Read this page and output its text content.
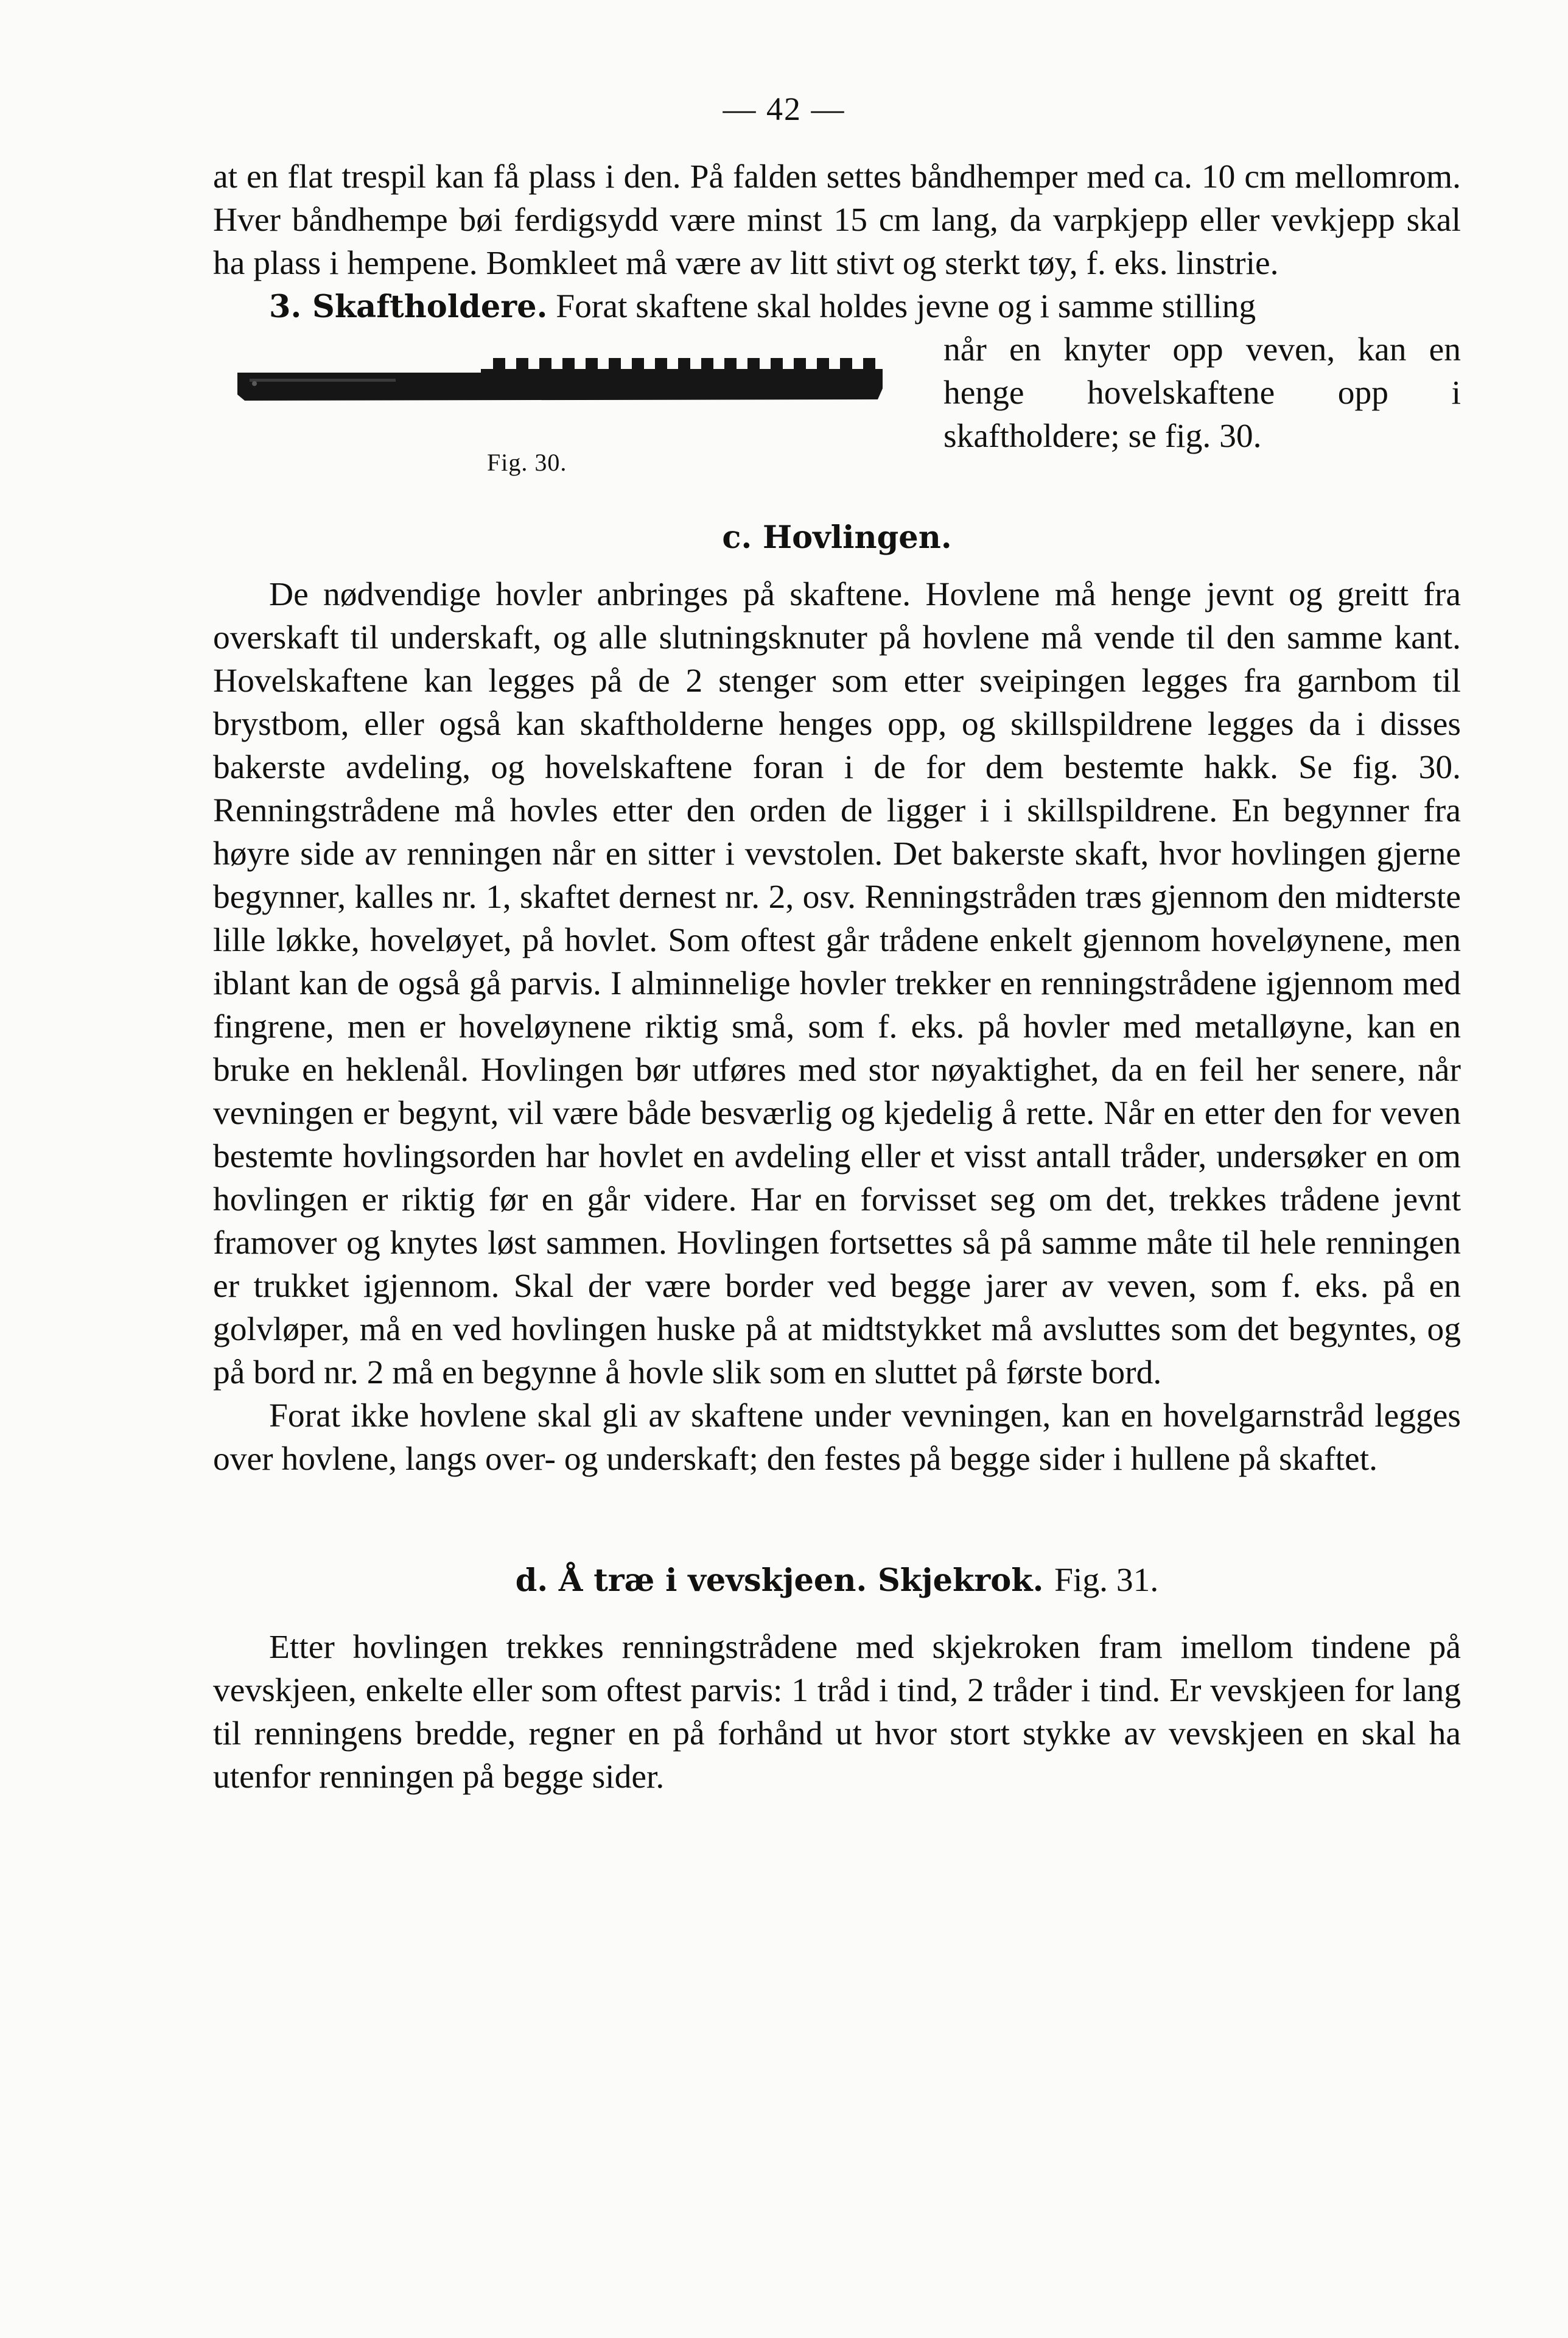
— 42 —

at en flat trespil kan få plass i den. På falden settes båndhemper med ca. 10 cm mellomrom. Hver båndhempe bøi ferdigsydd være minst 15 cm lang, da varpkjepp eller vevkjepp skal ha plass i hempene. Bomkleet må være av litt stivt og sterkt tøy, f. eks. linstrie.

3. Skaftholdere. Forat skaftene skal holdes jevne og i samme stilling

når en knyter opp veven, kan en henge hovelskaftene opp i skaftholdere; se fig. 30.

Fig. 30.

c. Hovlingen.

De nødvendige hovler anbringes på skaftene. Hovlene må henge jevnt og greitt fra overskaft til underskaft, og alle slutningsknuter på hovlene må vende til den samme kant. Hovelskaftene kan legges på de 2 stenger som etter sveipingen legges fra garnbom til brystbom, eller også kan skaftholderne henges opp, og skillspildrene legges da i disses bakerste avdeling, og hovelskaftene foran i de for dem bestemte hakk. Se fig. 30. Renningstrådene må hovles etter den orden de ligger i i skillspildrene. En begynner fra høyre side av renningen når en sitter i vevstolen. Det bakerste skaft, hvor hovlingen gjerne begynner, kalles nr. 1, skaftet dernest nr. 2, osv. Renningstråden træs gjennom den midterste lille løkke, hoveløyet, på hovlet. Som oftest går trådene enkelt gjennom hoveløynene, men iblant kan de også gå parvis. I alminnelige hovler trekker en renningstrådene igjennom med fingrene, men er hoveløynene riktig små, som f. eks. på hovler med metalløyne, kan en bruke en heklenål. Hovlingen bør utføres med stor nøyaktighet, da en feil her senere, når vevningen er begynt, vil være både besværlig og kjedelig å rette. Når en etter den for veven bestemte hovlingsorden har hovlet en avdeling eller et visst antall tråder, undersøker en om hovlingen er riktig før en går videre. Har en forvisset seg om det, trekkes trådene jevnt framover og knytes løst sammen. Hovlingen fortsettes så på samme måte til hele renningen er trukket igjennom. Skal der være border ved begge jarer av veven, som f. eks. på en golvløper, må en ved hovlingen huske på at midtstykket må avsluttes som det begyntes, og på bord nr. 2 må en begynne å hovle slik som en sluttet på første bord.

Forat ikke hovlene skal gli av skaftene under vevningen, kan en hovelgarnstråd legges over hovlene, langs over- og underskaft; den festes på begge sider i hullene på skaftet.

d. Å træ i vevskjeen. Skjekrok. Fig. 31.

Etter hovlingen trekkes renningstrådene med skjekroken fram imellom tindene på vevskjeen, enkelte eller som oftest parvis: 1 tråd i tind, 2 tråder i tind. Er vevskjeen for lang til renningens bredde, regner en på forhånd ut hvor stort stykke av vevskjeen en skal ha utenfor renningen på begge sider.
